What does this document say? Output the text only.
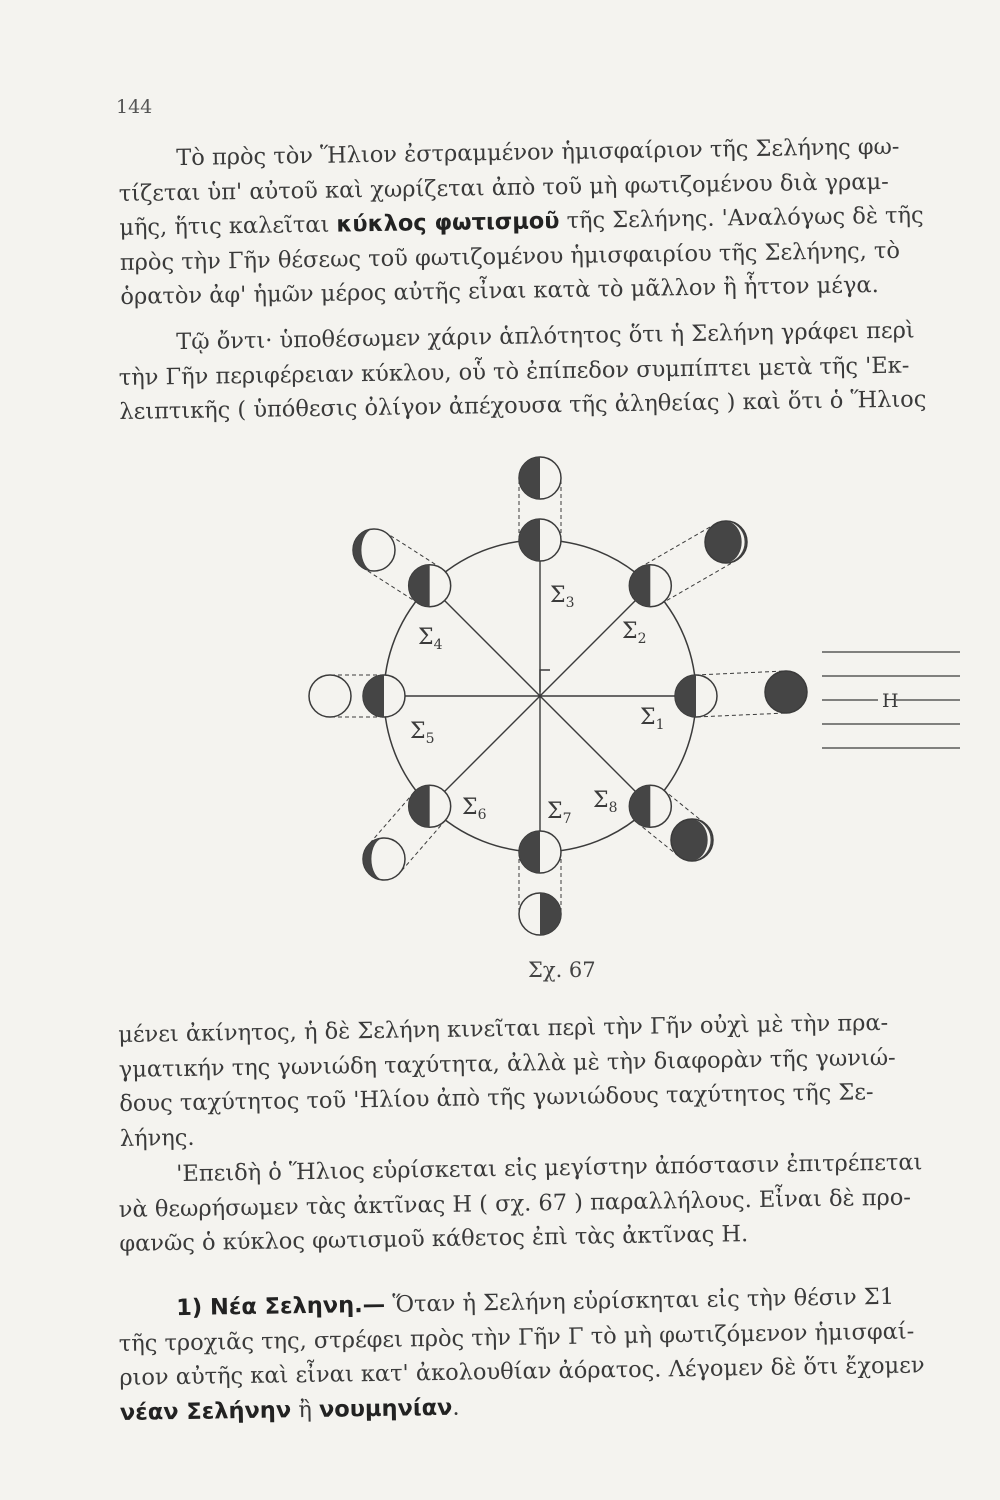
144
Τὸ πρὸς τὸν Ἥλιον ἐστραμμένον ἡμισφαίριον τῆς Σελήνης φω-
τίζεται ὑπ' αὐτοῦ καὶ χωρίζεται ἀπὸ τοῦ μὴ φωτιζομένου διὰ γραμ-
μῆς, ἥτις καλεῖται κύκλος φωτισμοῦ τῆς Σελήνης. 'Αναλόγως δὲ τῆς
πρὸς τὴν Γῆν θέσεως τοῦ φωτιζομένου ἡμισφαιρίου τῆς Σελήνης, τὸ
ὁρατὸν ἀφ' ἡμῶν μέρος αὐτῆς εἶναι κατὰ τὸ μᾶλλον ἢ ἧττον μέγα.
Τῷ ὄντι· ὑποθέσωμεν χάριν ἁπλότητος ὅτι ἡ Σελήνη γράφει περὶ
τὴν Γῆν περιφέρειαν κύκλου, οὗ τὸ ἐπίπεδον συμπίπτει μετὰ τῆς 'Εκ-
λειπτικῆς ( ὑπόθεσις ὀλίγον ἀπέχουσα τῆς ἀληθείας ) καὶ ὅτι ὁ Ἥλιος
Η
$\Sigma_1$
$\Sigma_2$
$\Sigma_3$
$\Sigma_4$
$\Sigma_5$
$\Sigma_6$	$\Sigma_7$
$\Sigma_8$
Σχ. 67
μένει ἀκίνητος, ἡ δὲ Σελήνη κινεῖται περὶ τὴν Γῆν οὐχὶ μὲ τὴν πρα-
γματικήν της γωνιώδη ταχύτητα, ἀλλὰ μὲ τὴν διαφορὰν τῆς γωνιώ-
δους ταχύτητος τοῦ 'Ηλίου ἀπὸ τῆς γωνιώδους ταχύτητος τῆς Σε-
λήνης.
'Επειδὴ ὁ Ἥλιος εὑρίσκεται εἰς μεγίστην ἀπόστασιν ἐπιτρέπεται
νὰ θεωρήσωμεν τὰς ἀκτῖνας Η ( σχ. 67 ) παραλλήλους. Εἶναι δὲ προ-
φανῶς ὁ κύκλος φωτισμοῦ κάθετος ἐπὶ τὰς ἀκτῖνας Η.
1) Νέα Σεληνη.— Ὅταν ἡ Σελήνη εὑρίσκηται εἰς τὴν θέσιν Σ1
τῆς τροχιᾶς της, στρέφει πρὸς τὴν Γῆν Γ τὸ μὴ φωτιζόμενον ἡμισφαί-
ριον αὐτῆς καὶ εἶναι κατ' ἀκολουθίαν ἀόρατος. Λέγομεν δὲ ὅτι ἔχομεν
νέαν Σελήνην ἢ νουμηνίαν.
